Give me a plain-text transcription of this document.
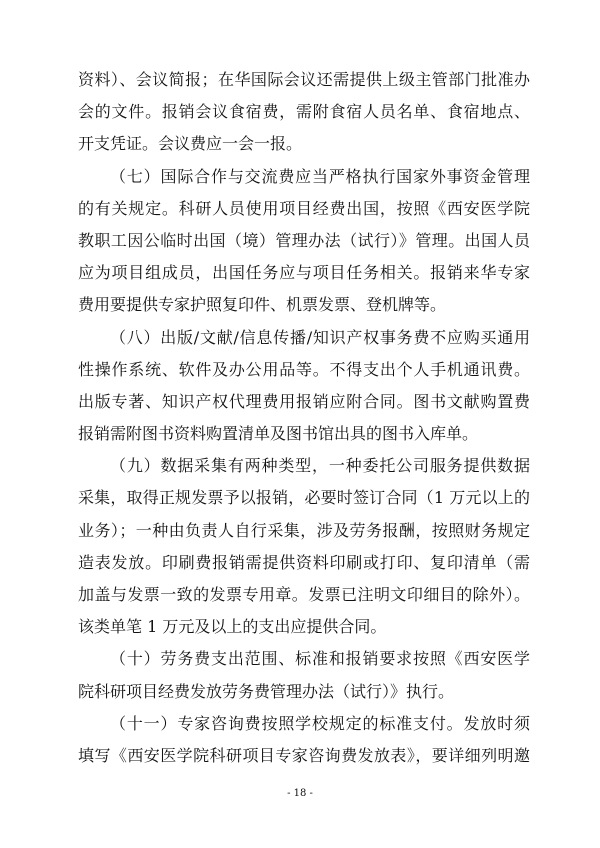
资料）、会议简报；在华国际会议还需提供上级主管部门批准办
会的文件。报销会议食宿费，需附食宿人员名单、食宿地点、
开支凭证。会议费应一会一报。
（七）国际合作与交流费应当严格执行国家外事资金管理
的有关规定。科研人员使用项目经费出国，按照《西安医学院
教职工因公临时出国（境）管理办法（试行）》管理。出国人员
应为项目组成员，出国任务应与项目任务相关。报销来华专家
费用要提供专家护照复印件、机票发票、登机牌等。
（八）出版/文献/信息传播/知识产权事务费不应购买通用
性操作系统、软件及办公用品等。不得支出个人手机通讯费。
出版专著、知识产权代理费用报销应附合同。图书文献购置费
报销需附图书资料购置清单及图书馆出具的图书入库单。
（九）数据采集有两种类型，一种委托公司服务提供数据
采集，取得正规发票予以报销，必要时签订合同（1 万元以上的
业务）；一种由负责人自行采集，涉及劳务报酬，按照财务规定
造表发放。印刷费报销需提供资料印刷或打印、复印清单（需
加盖与发票一致的发票专用章。发票已注明文印细目的除外）。
该类单笔 1 万元及以上的支出应提供合同。
（十）劳务费支出范围、标准和报销要求按照《西安医学
院科研项目经费发放劳务费管理办法（试行）》执行。
（十一）专家咨询费按照学校规定的标准支付。发放时须
填写《西安医学院科研项目专家咨询费发放表》，要详细列明邀
- 18 -
